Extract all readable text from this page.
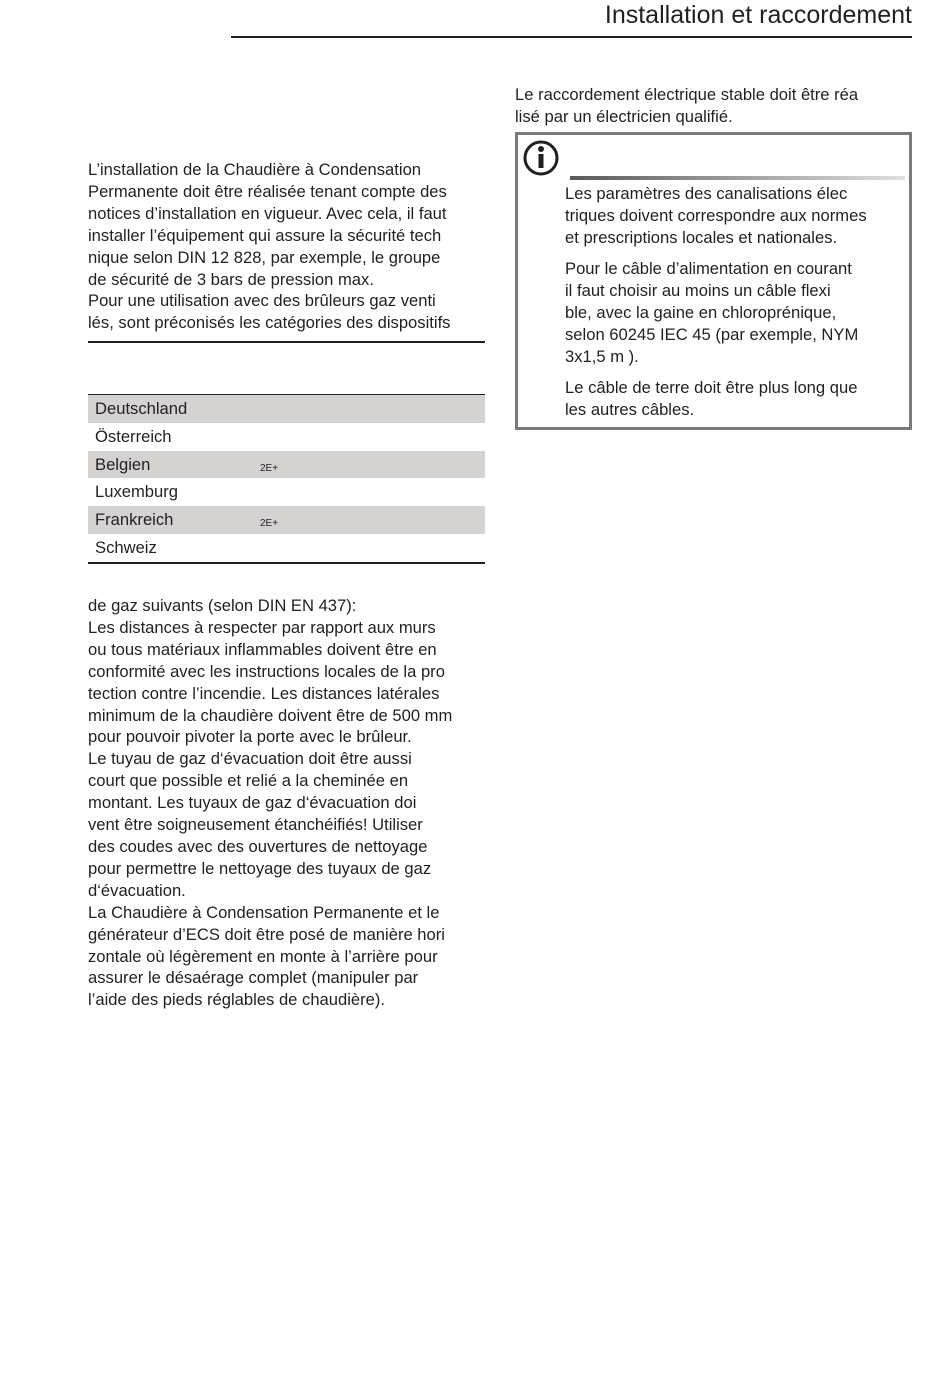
Installation et raccordement

L’installation de la Chaudière à Condensation

Permanente doit être réalisée tenant compte des

notices d’installation en vigueur. Avec cela, il faut

installer l’équipement qui assure la sécurité tech

nique selon DIN 12 828, par exemple, le groupe

de sécurité de 3 bars de pression max.

Pour une utilisation avec des brûleurs gaz venti

lés, sont préconisés les catégories des dispositifs

Deutschland
Österreich
Belgien	2E+
Luxemburg
Frankreich	2E+
Schweiz

de gaz suivants (selon DIN EN 437):

Les distances à respecter par rapport aux murs

ou tous matériaux inflammables doivent être en

conformité avec les instructions locales de la pro

tection contre l’incendie. Les distances latérales

minimum de la chaudière doivent être de 500 mm

pour pouvoir pivoter la porte avec le brûleur.

Le tuyau de gaz d‘évacuation doit être aussi

court que possible et relié a la cheminée en

montant. Les tuyaux de gaz d‘évacuation doi

vent être soigneusement étanchéifiés! Utiliser

des coudes avec des ouvertures de nettoyage

pour permettre le nettoyage des tuyaux de gaz

d‘évacuation.

La Chaudière à Condensation Permanente et le

générateur d’ECS doit être posé de manière hori

zontale où légèrement en monte à l’arrière pour

assurer le désaérage complet (manipuler par

l’aide des pieds réglables de chaudière).

Le raccordement électrique stable doit être réa

lisé par un électricien qualifié.

Les paramètres des canalisations élec

triques doivent correspondre aux normes

et prescriptions locales et nationales.

Pour le câble d’alimentation en courant

il faut choisir au moins un câble flexi

ble, avec la gaine en chloroprénique,

selon 60245 IEC 45 (par exemple, NYM

3x1,5 m ).

Le câble de terre doit être plus long que

les autres câbles.
